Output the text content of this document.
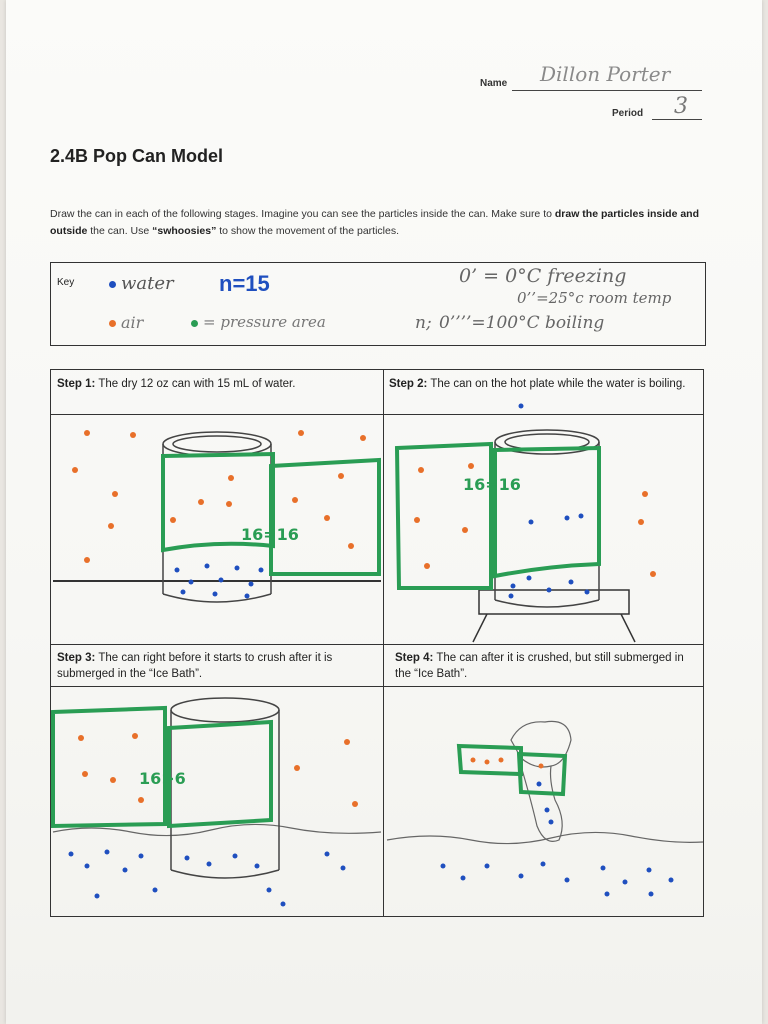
Name Dillon Porter
Period 3
2.4B Pop Can Model
Draw the can in each of the following stages. Imagine you can see the particles inside the can. Make sure to draw the particles inside and outside the can. Use “swhoosies” to show the movement of the particles.
Key	water n=15
air	= pressure area
0’ = 0°C freezing
0’’=25°c room temp
n; 0’’’’=100°C boiling
Step 1: The dry 12 oz can with 15 mL of water.	Step 2: The can on the hot plate while the water is boiling.
Step 3: The can right before it starts to crush after it is submerged in the “Ice Bath”.
Step 4: The can after it is crushed, but still submerged in the “Ice Bath”.
16=16
16=16
16>6
